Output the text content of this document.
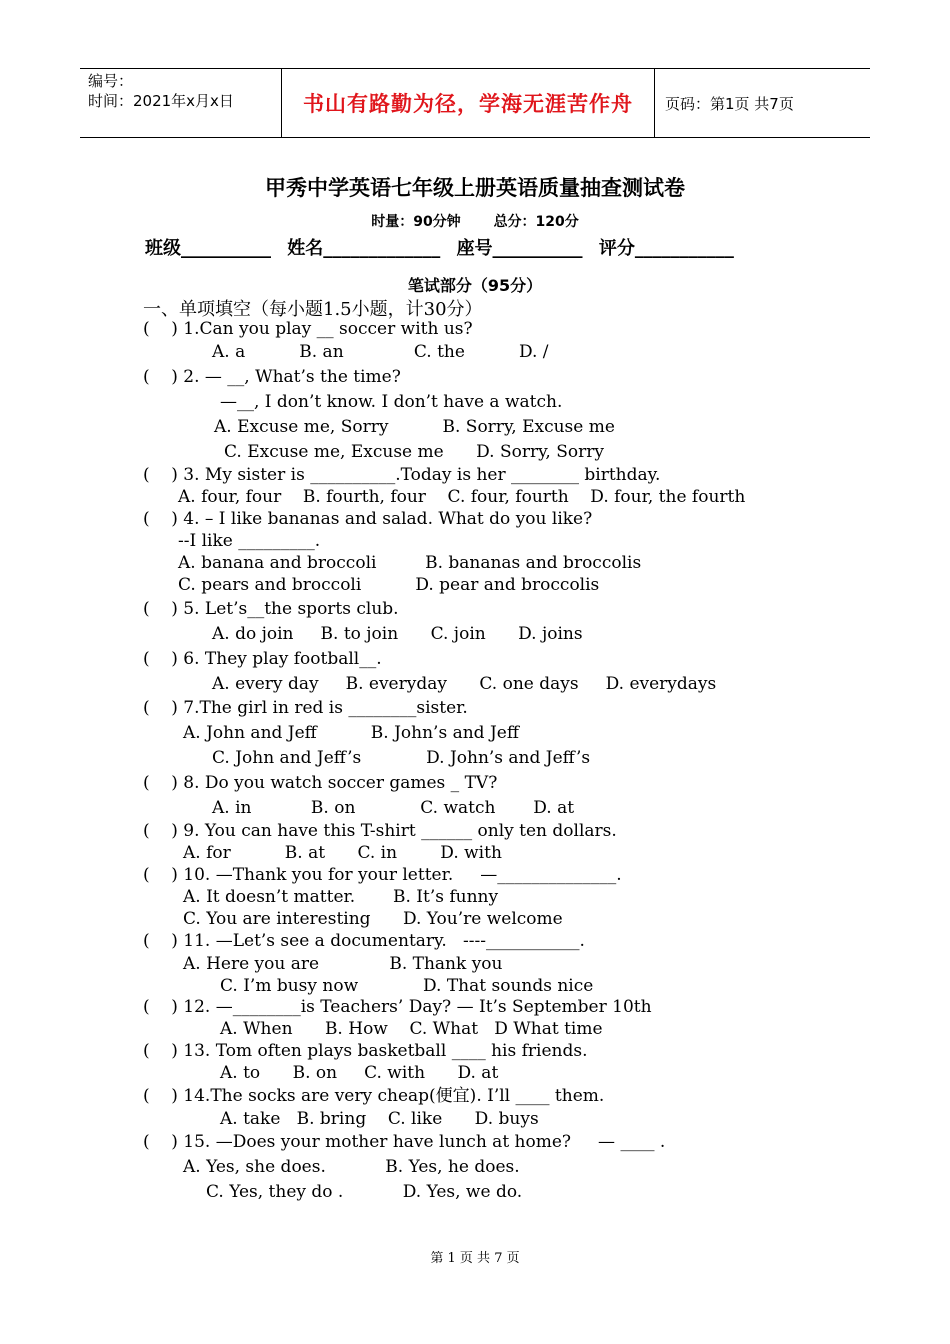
编号：
时间：2021年x月x日	书山有路勤为径，学海无涯苦作舟 页码：第1页 共7页
甲秀中学英语七年级上册英语质量抽查测试卷
时量：90分钟 总分：120分
班级__________ 姓名_____________ 座号__________ 评分___________
笔试部分（95分）
一、单项填空（每小题1.5小题，计30分）
(    ) 1.Can you play __ soccer with us?
A. a          B. an             C. the          D. /
(    ) 2. — __, What’s the time?
—__, I don’t know. I don’t have a watch.
A. Excuse me, Sorry          B. Sorry, Excuse me
C. Excuse me, Excuse me      D. Sorry, Sorry
(    ) 3. My sister is __________.Today is her ________ birthday.
A. four, four    B. fourth, four    C. four, fourth    D. four, the fourth
(    ) 4. – I like bananas and salad. What do you like?
--I like _________.
A. banana and broccoli         B. bananas and broccolis
C. pears and broccoli          D. pear and broccolis
(    ) 5. Let’s__the sports club.
A. do join     B. to join      C. join      D. joins
(    ) 6. They play football__.
A. every day     B. everyday      C. one days     D. everydays
(    ) 7.The girl in red is ________sister.
A. John and Jeff          B. John’s and Jeff
C. John and Jeff’s            D. John’s and Jeff’s
(    ) 8. Do you watch soccer games _ TV?
A. in           B. on            C. watch       D. at
(    ) 9. You can have this T-shirt ______ only ten dollars.
A. for          B. at      C. in        D. with
(    ) 10. —Thank you for your letter.     —______________.
A. It doesn’t matter.       B. It’s funny
C. You are interesting      D. You’re welcome
(    ) 11. —Let’s see a documentary.   ----___________.
A. Here you are             B. Thank you
C. I’m busy now            D. That sounds nice
(    ) 12. —________is Teachers’ Day? — It’s September 10th
A. When      B. How    C. What   D What time
(    ) 13. Tom often plays basketball ____ his friends.
A. to      B. on     C. with      D. at
(    ) 14.The socks are very cheap(便宜). I’ll ____ them.
A. take   B. bring    C. like      D. buys
(    ) 15. —Does your mother have lunch at home?     — ____ .
A. Yes, she does.           B. Yes, he does.
C. Yes, they do .           D. Yes, we do.
第 1 页 共 7 页
